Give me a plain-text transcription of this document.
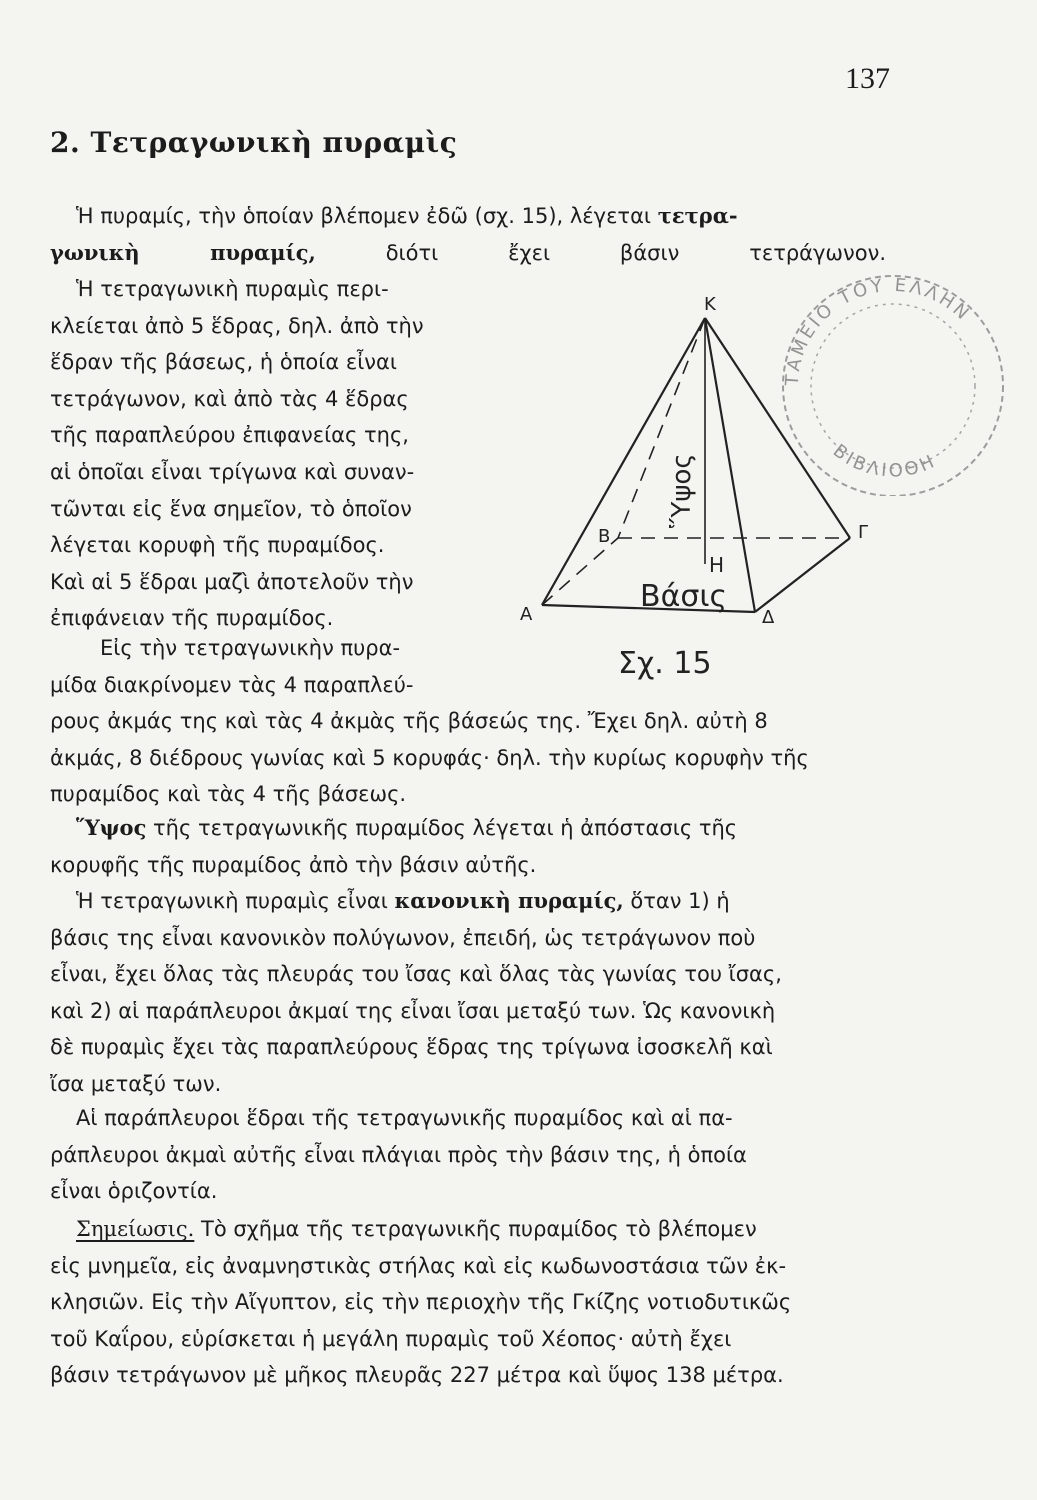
137
2. Τετραγωνικὴ πυραμὶς
Ἡ πυραμίς, τὴν ὁποίαν βλέπομεν ἐδῶ (σχ. 15), λέγεται τετρα-
γωνικὴ πυραμίς, διότι ἔχει βάσιν τετράγωνον.
Ἡ τετραγωνικὴ πυραμὶς περι-
κλείεται ἀπὸ 5 ἕδρας, δηλ. ἀπὸ τὴν
ἕδραν τῆς βάσεως, ἡ ὁποία εἶναι
τετράγωνον, καὶ ἀπὸ τὰς 4 ἕδρας
τῆς παραπλεύρου ἐπιφανείας της,
αἱ ὁποῖαι εἶναι τρίγωνα καὶ συναν-
τῶνται εἰς ἕνα σημεῖον, τὸ ὁποῖον
λέγεται κορυφὴ τῆς πυραμίδος.
Καὶ αἱ 5 ἕδραι μαζὶ ἀποτελοῦν τὴν
ἐπιφάνειαν τῆς πυραμίδος.
Εἰς τὴν τετραγωνικὴν πυρα-
μίδα διακρίνομεν τὰς 4 παραπλεύ-
ρους ἀκμάς της καὶ τὰς 4 ἀκμὰς τῆς βάσεώς της. Ἔχει δηλ. αὐτὴ 8
ἀκμάς, 8 διέδρους γωνίας καὶ 5 κορυφάς· δηλ. τὴν κυρίως κορυφὴν τῆς
πυραμίδος καὶ τὰς 4 τῆς βάσεως.
Ὕψος τῆς τετραγωνικῆς πυραμίδος λέγεται ἡ ἀπόστασις τῆς
κορυφῆς τῆς πυραμίδος ἀπὸ τὴν βάσιν αὐτῆς.
Ἡ τετραγωνικὴ πυραμὶς εἶναι κανονικὴ πυραμίς, ὅταν 1) ἡ
βάσις της εἶναι κανονικὸν πολύγωνον, ἐπειδή, ὡς τετράγωνον ποὺ
εἶναι, ἔχει ὅλας τὰς πλευράς του ἴσας καὶ ὅλας τὰς γωνίας του ἴσας,
καὶ 2) αἱ παράπλευροι ἀκμαί της εἶναι ἴσαι μεταξύ των. Ὡς κανονικὴ
δὲ πυραμὶς ἔχει τὰς παραπλεύρους ἕδρας της τρίγωνα ἰσοσκελῆ καὶ
ἴσα μεταξύ των.
Αἱ παράπλευροι ἕδραι τῆς τετραγωνικῆς πυραμίδος καὶ αἱ πα-
ράπλευροι ἀκμαὶ αὐτῆς εἶναι πλάγιαι πρὸς τὴν βάσιν της, ἡ ὁποία
εἶναι ὁριζοντία.
Σημείωσις. Τὸ σχῆμα τῆς τετραγωνικῆς πυραμίδος τὸ βλέπομεν
εἰς μνημεῖα, εἰς ἀναμνηστικὰς στήλας καὶ εἰς κωδωνοστάσια τῶν ἐκ-
κλησιῶν. Εἰς τὴν Αἴγυπτον, εἰς τὴν περιοχὴν τῆς Γκίζης νοτιοδυτικῶς
τοῦ Καΐρου, εὑρίσκεται ἡ μεγάλη πυραμὶς τοῦ Χέοπος· αὐτὴ ἔχει
βάσιν τετράγωνον μὲ μῆκος πλευρᾶς 227 μέτρα καὶ ὕψος 138 μέτρα.
K
H
A
B	Γ
Δ
Ὕψος
Βάσις
Σχ. 15
ΤΑΜΕΙΟ ΤΟΥ ΕΛΛΗΝ
ΒΙΒΛΙΟΘΗ
